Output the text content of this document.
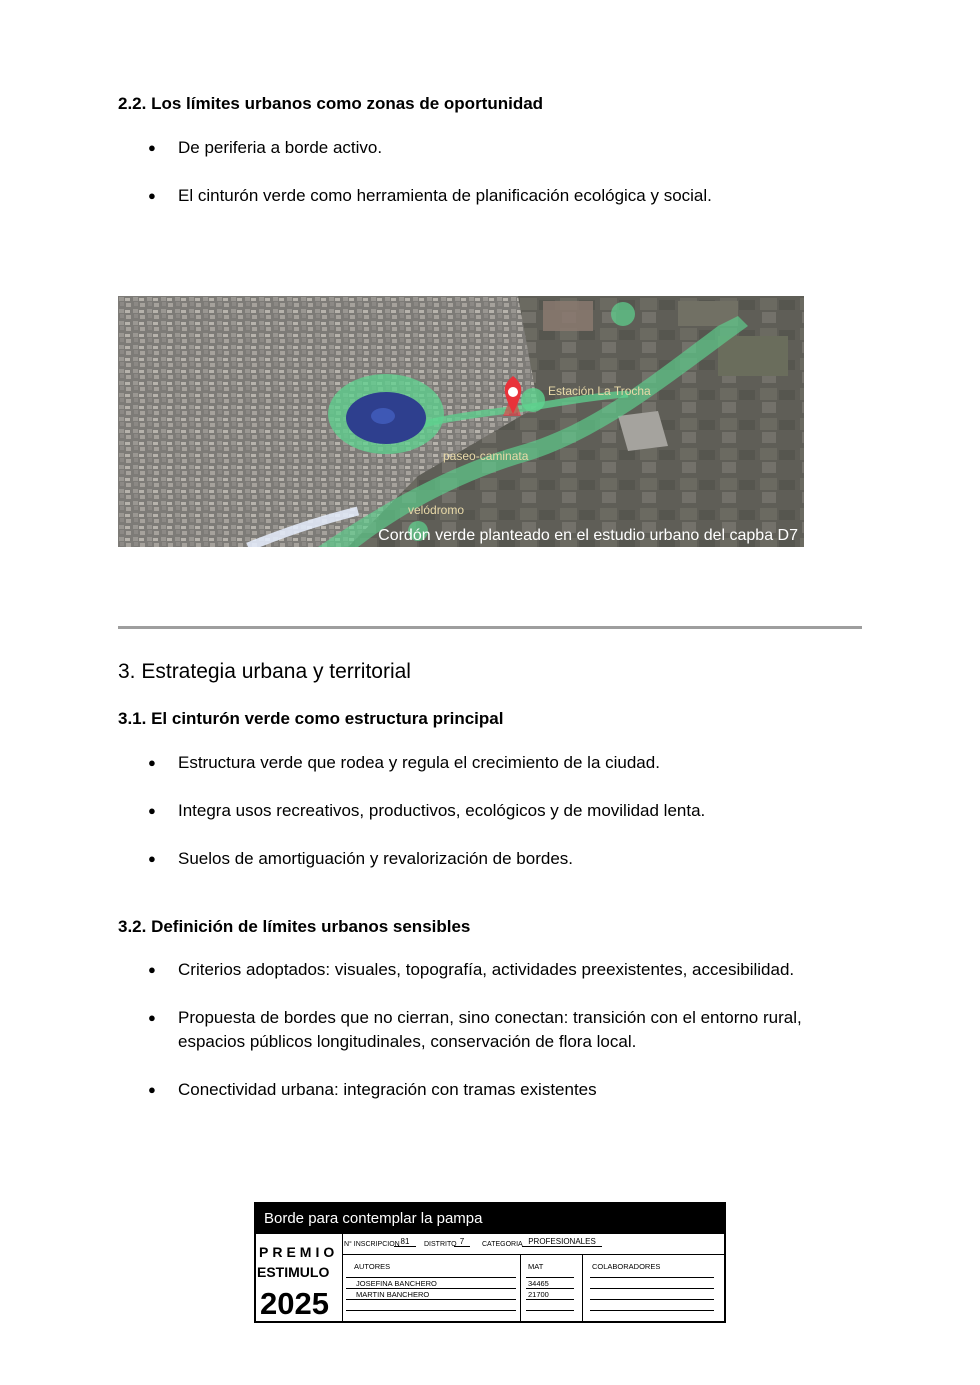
2.2. Los límites urbanos como zonas de oportunidad
● De periferia a borde activo.
● El cinturón verde como herramienta de planificación ecológica y social.
Estación La Trocha
paseo-caminata
velódromo
Cordón verde planteado en el estudio urbano del capba D7
3. Estrategia urbana y territorial
3.1. El cinturón verde como estructura principal
● Estructura verde que rodea y regula el crecimiento de la ciudad.
● Integra usos recreativos, productivos, ecológicos y de movilidad lenta.
● Suelos de amortiguación y revalorización de bordes.
3.2. Definición de límites urbanos sensibles
● Criterios adoptados: visuales, topografía, actividades preexistentes, accesibilidad.
● Propuesta de bordes que no cierran, sino conectan: transición con el entorno rural, espacios públicos longitudinales, conservación de flora local.
● Conectividad urbana: integración con tramas existentes
Borde para contemplar la pampa
PREMIO
ESTIMULO
2025
N° INSCRIPCION 81	DISTRITO 7	CATEGORIA PROFESIONALES
AUTORES	MAT	COLABORADORES
JOSEFINA BANCHERO	34465
MARTIN BANCHERO	21700
